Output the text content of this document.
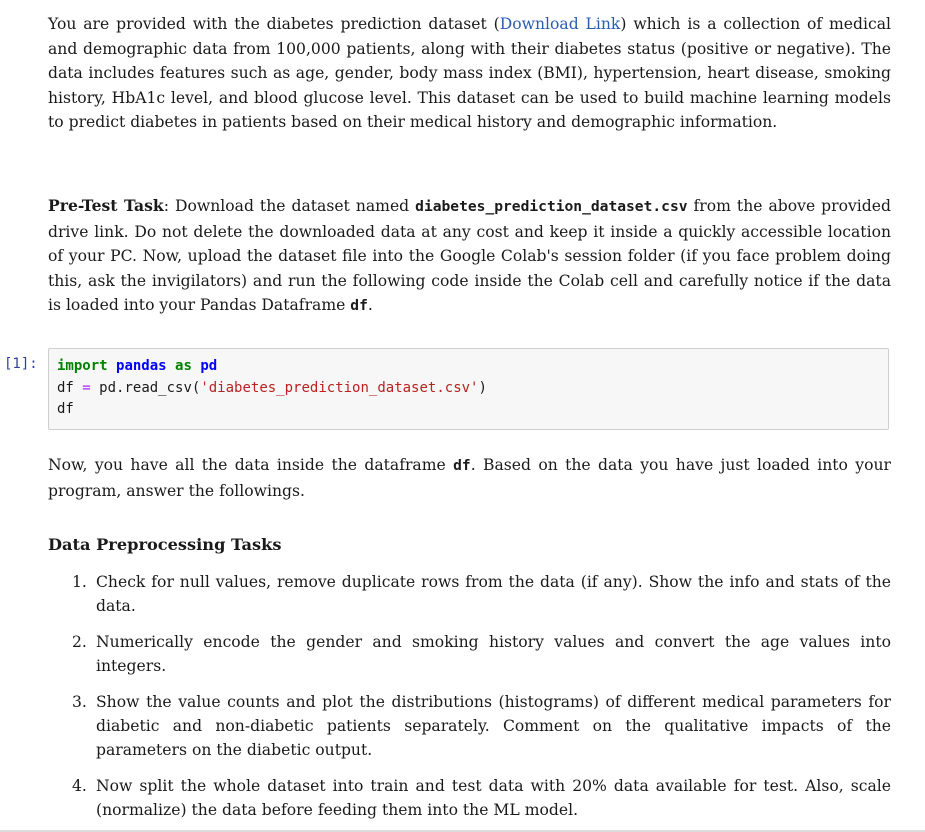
You are provided with the diabetes prediction dataset (Download Link) which is a collection of medical and demographic data from 100,000 patients, along with their diabetes status (positive or negative). The data includes features such as age, gender, body mass index (BMI), hypertension, heart disease, smoking history, HbA1c level, and blood glucose level. This dataset can be used to build machine learning models to predict diabetes in patients based on their medical history and demographic information.

Pre-Test Task: Download the dataset named diabetes_prediction_dataset.csv from the above provided drive link. Do not delete the downloaded data at any cost and keep it inside a quickly accessible location of your PC. Now, upload the dataset file into the Google Colab's session folder (if you face problem doing this, ask the invigilators) and run the following code inside the Colab cell and carefully notice if the data is loaded into your Pandas Dataframe df.

[1]:	import pandas as pd
df = pd.read_csv('diabetes_prediction_dataset.csv')
df

Now, you have all the data inside the dataframe df. Based on the data you have just loaded into your program, answer the followings.

Data Preprocessing Tasks
1. Check for null values, remove duplicate rows from the data (if any). Show the info and stats of the data.
2. Numerically encode the gender and smoking history values and convert the age values into integers.
3. Show the value counts and plot the distributions (histograms) of different medical parameters for diabetic and non-diabetic patients separately. Comment on the qualitative impacts of the parameters on the diabetic output.
4. Now split the whole dataset into train and test data with 20% data available for test. Also, scale (normalize) the data before feeding them into the ML model.
